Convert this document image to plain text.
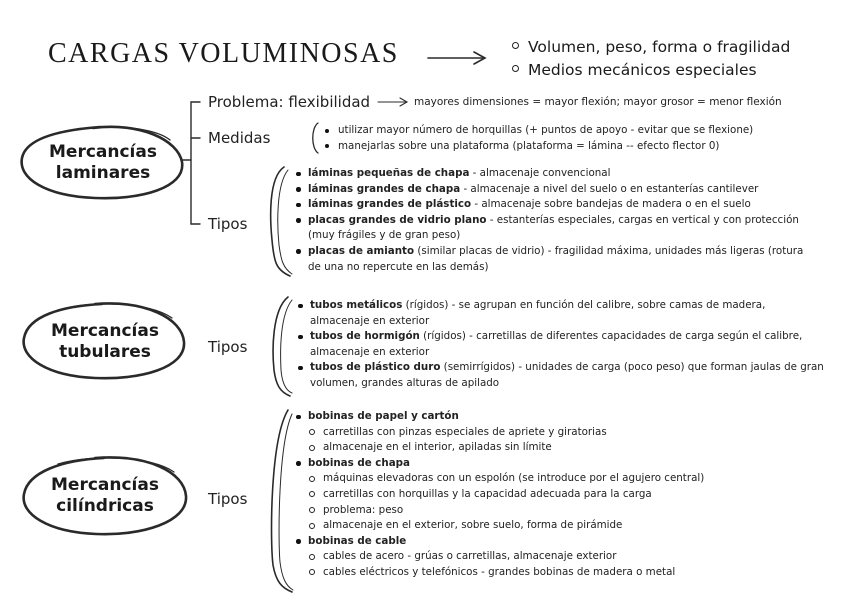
CARGAS VOLUMINOSAS	Volumen, peso, forma o fragilidad
Medios mecánicos especiales
Mercancías
laminares
Problema: flexibilidad	mayores dimensiones = mayor flexión; mayor grosor = menor flexión
Medidas	utilizar mayor número de horquillas (+ puntos de apoyo - evitar que se flexione)
manejarlas sobre una plataforma (plataforma = lámina -- efecto flector 0)
Tipos
láminas pequeñas de chapa - almacenaje convencional
láminas grandes de chapa - almacenaje a nivel del suelo o en estanterías cantilever
láminas grandes de plástico - almacenaje sobre bandejas de madera o en el suelo
placas grandes de vidrio plano - estanterías especiales, cargas en vertical y con protección (muy frágiles y de gran peso)
placas de amianto (similar placas de vidrio) - fragilidad máxima, unidades más ligeras (rotura de una no repercute en las demás)
Mercancías
tubulares	Tipos
tubos metálicos (rígidos) - se agrupan en función del calibre, sobre camas de madera, almacenaje en exterior
tubos de hormigón (rígidos) - carretillas de diferentes capacidades de carga según el calibre, almacenaje en exterior
tubos de plástico duro (semirrígidos) - unidades de carga (poco peso) que forman jaulas de gran volumen, grandes alturas de apilado
Mercancías
cilíndricas	Tipos
bobinas de papel y cartón
carretillas con pinzas especiales de apriete y giratorias
almacenaje en el interior, apiladas sin límite
bobinas de chapa
máquinas elevadoras con un espolón (se introduce por el agujero central)
carretillas con horquillas y la capacidad adecuada para la carga
problema: peso
almacenaje en el exterior, sobre suelo, forma de pirámide
bobinas de cable
cables de acero - grúas o carretillas, almacenaje exterior
cables eléctricos y telefónicos - grandes bobinas de madera o metal
